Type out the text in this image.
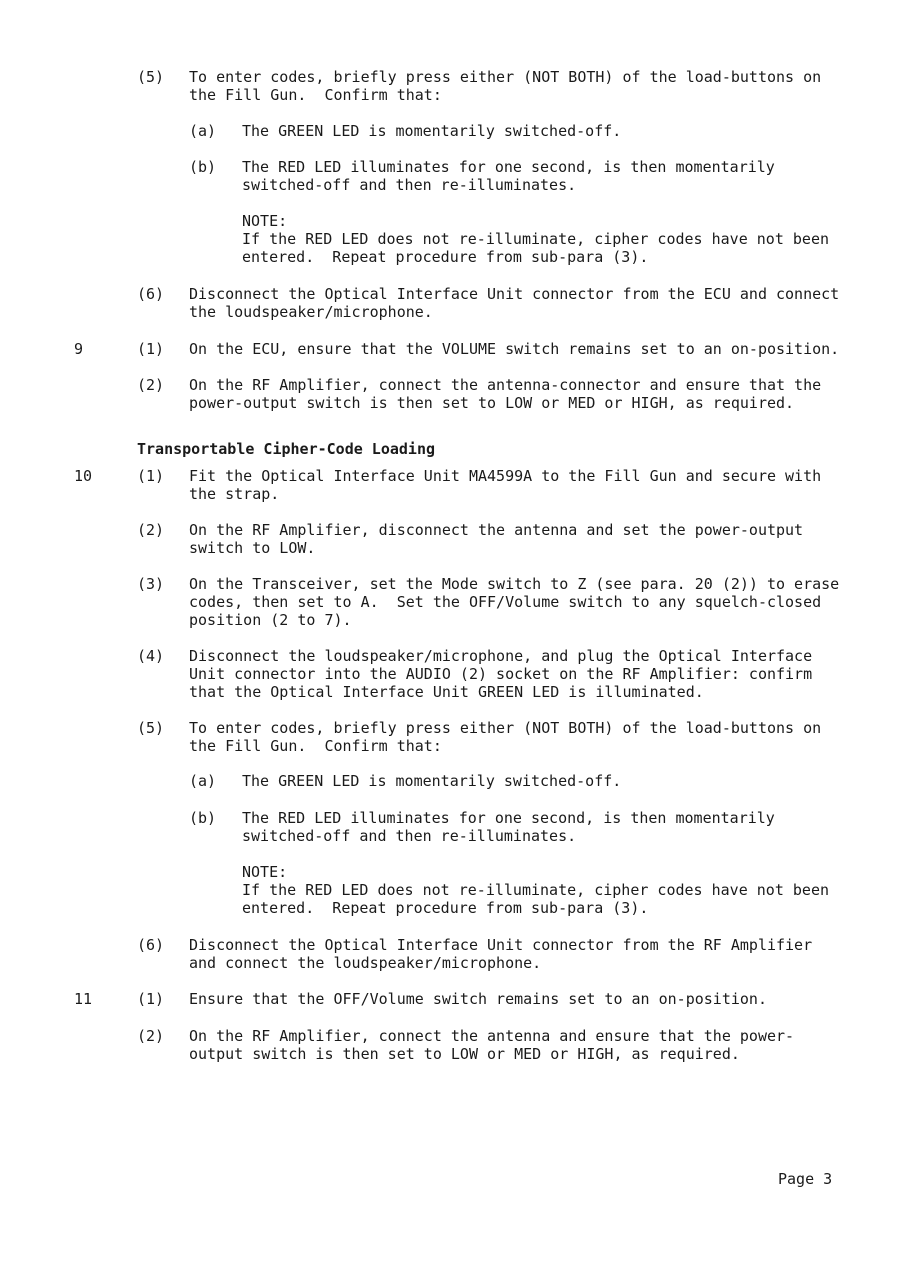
(5) To enter codes, briefly press either (NOT BOTH) of the load-buttons on
the Fill Gun.  Confirm that:
(a) The GREEN LED is momentarily switched-off.
(b) The RED LED illuminates for one second, is then momentarily
switched-off and then re-illuminates.
NOTE:
If the RED LED does not re-illuminate, cipher codes have not been
entered.  Repeat procedure from sub-para (3).
(6) Disconnect the Optical Interface Unit connector from the ECU and connect
the loudspeaker/microphone.
9	(1) On the ECU, ensure that the VOLUME switch remains set to an on-position.
(2) On the RF Amplifier, connect the antenna-connector and ensure that the
power-output switch is then set to LOW or MED or HIGH, as required.
Transportable Cipher-Code Loading
10	(1) Fit the Optical Interface Unit MA4599A to the Fill Gun and secure with
the strap.
(2) On the RF Amplifier, disconnect the antenna and set the power-output
switch to LOW.
(3) On the Transceiver, set the Mode switch to Z (see para. 20 (2)) to erase
codes, then set to A.  Set the OFF/Volume switch to any squelch-closed
position (2 to 7).
(4) Disconnect the loudspeaker/microphone, and plug the Optical Interface
Unit connector into the AUDIO (2) socket on the RF Amplifier: confirm
that the Optical Interface Unit GREEN LED is illuminated.
(5) To enter codes, briefly press either (NOT BOTH) of the load-buttons on
the Fill Gun.  Confirm that:
(a) The GREEN LED is momentarily switched-off.
(b) The RED LED illuminates for one second, is then momentarily
switched-off and then re-illuminates.
NOTE:
If the RED LED does not re-illuminate, cipher codes have not been
entered.  Repeat procedure from sub-para (3).
(6) Disconnect the Optical Interface Unit connector from the RF Amplifier
and connect the loudspeaker/microphone.
11	(1) Ensure that the OFF/Volume switch remains set to an on-position.
(2) On the RF Amplifier, connect the antenna and ensure that the power-
output switch is then set to LOW or MED or HIGH, as required.
Page 3
